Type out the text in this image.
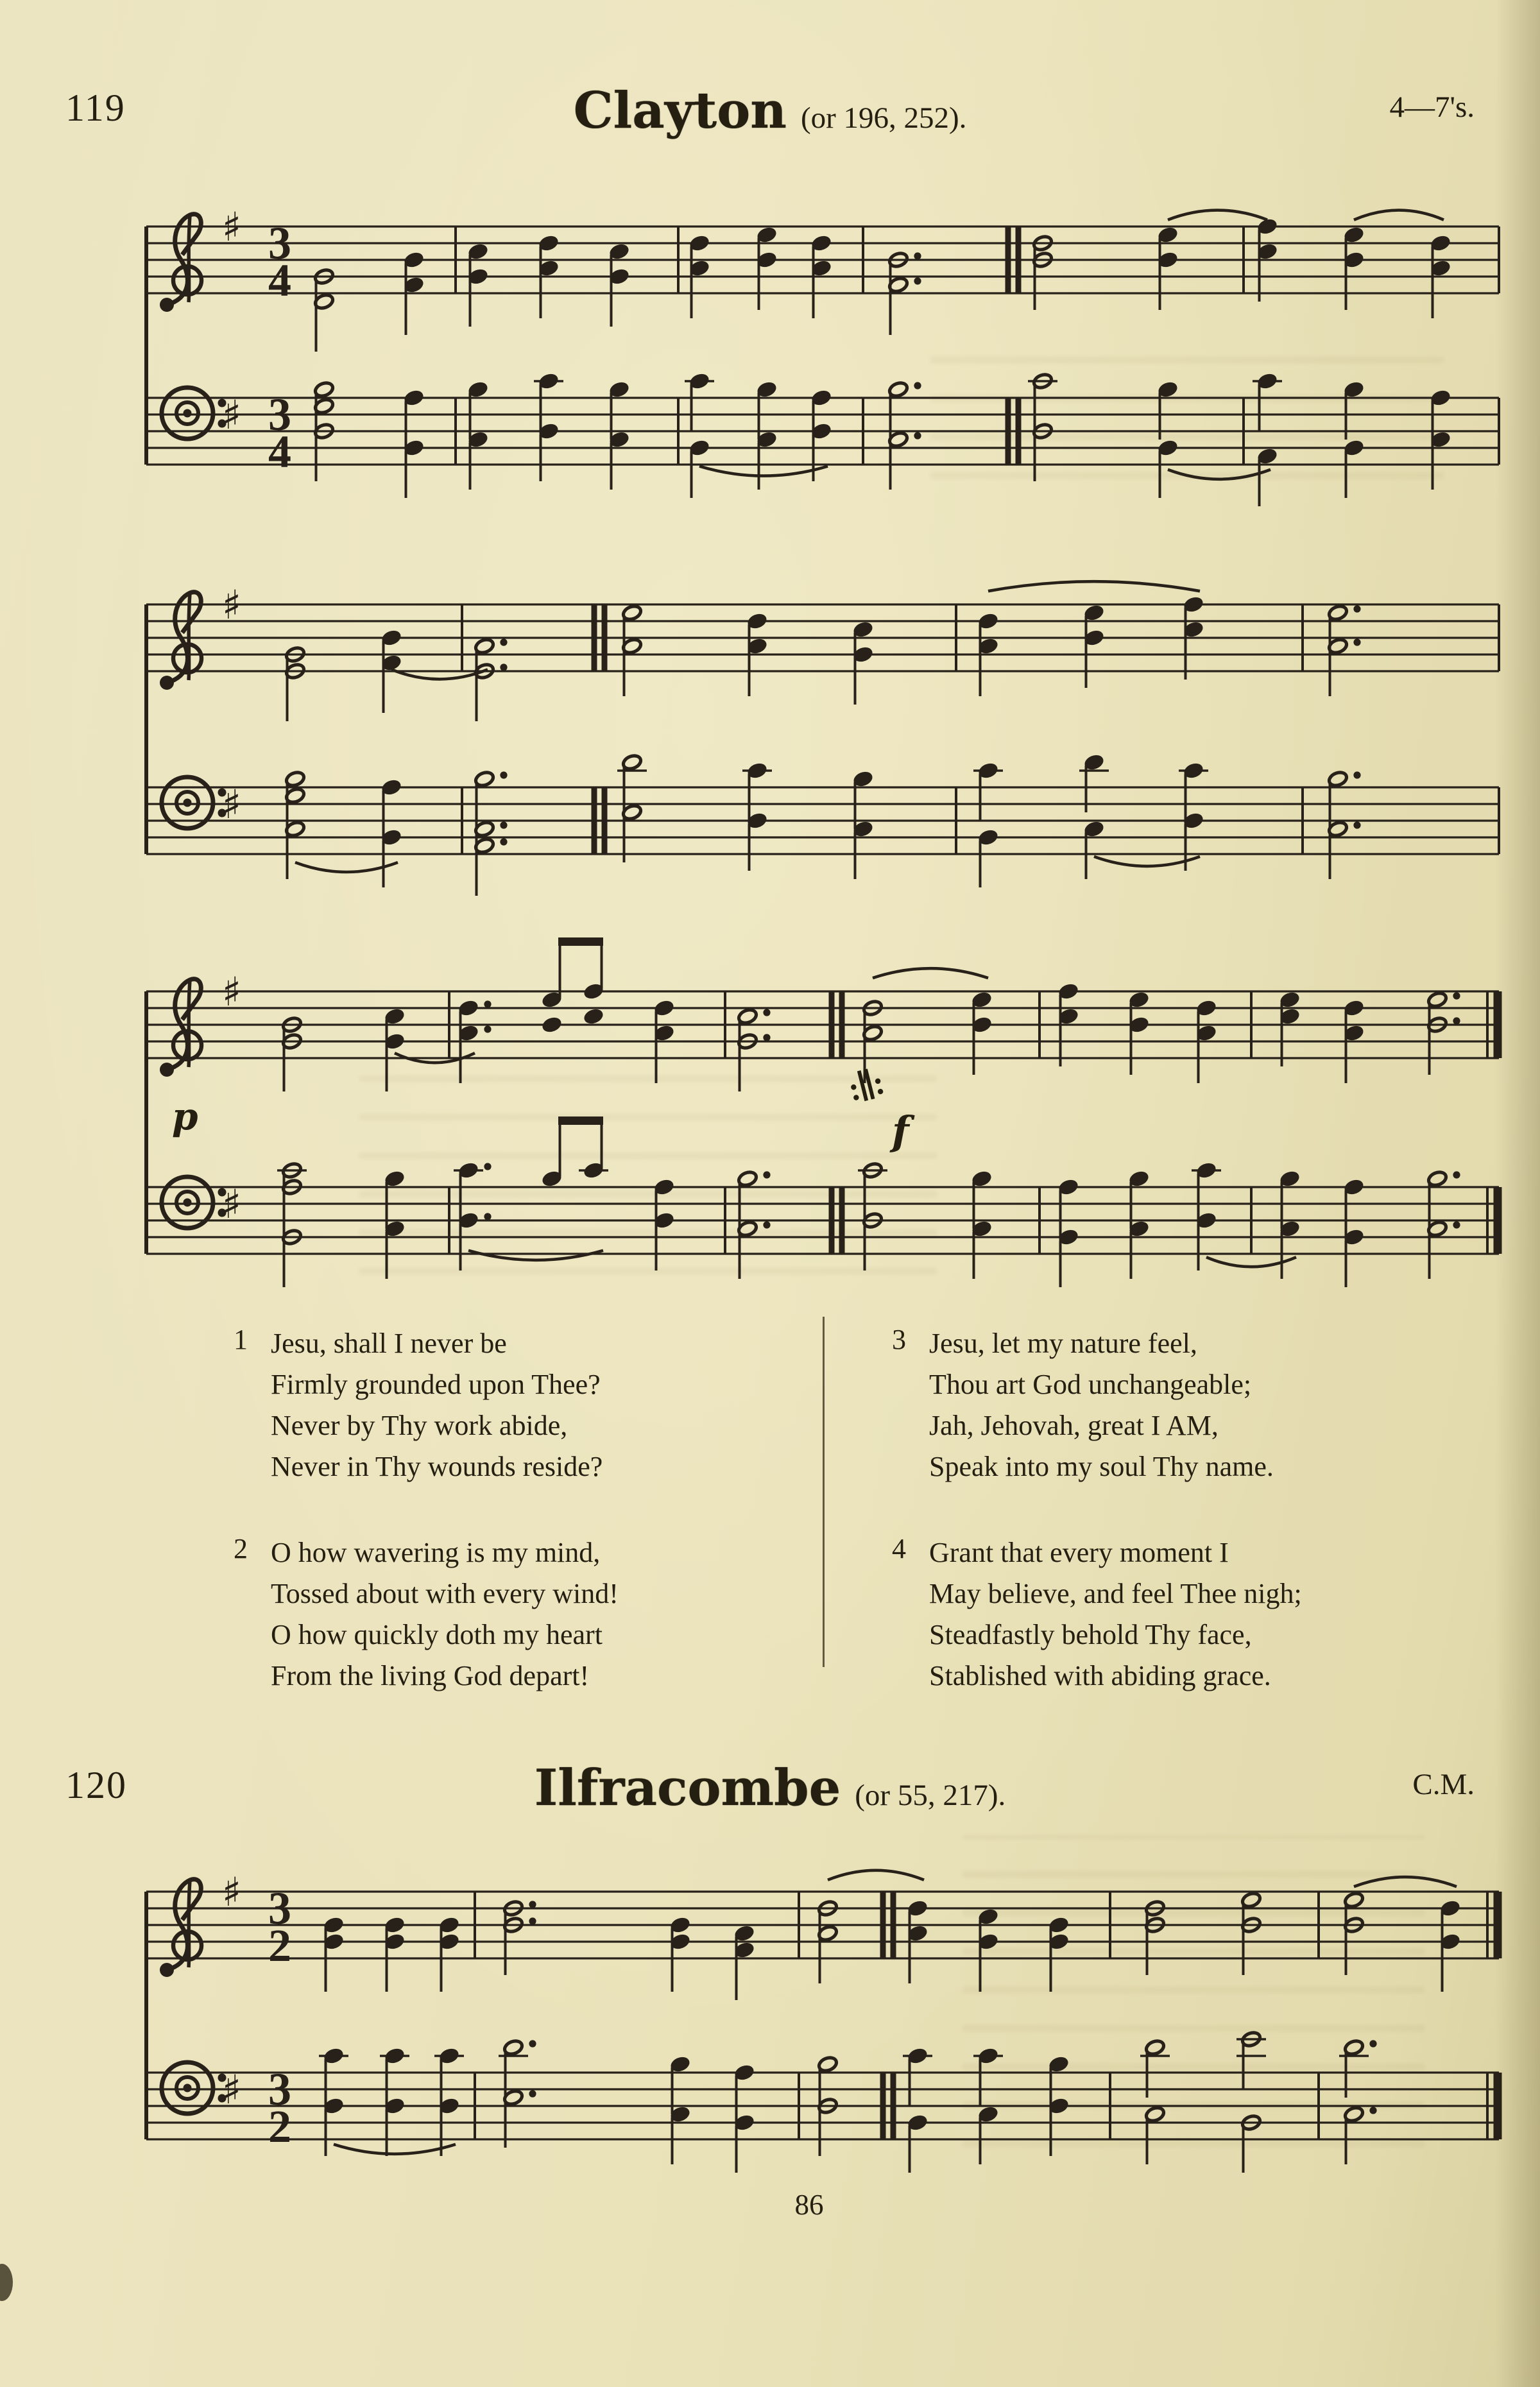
119	Clayton (or 196, 252).	4—7's.
♯
♯
3
4
3
4
♯
♯
♯
♯
♯
♯
3
2
3
2
p	f
:∥:
1 Jesu, shall I never be

Firmly grounded upon Thee?

Never by Thy work abide,

Never in Thy wounds reside?

2 O how wavering is my mind,

Tossed about with every wind!

O how quickly doth my heart

From the living God depart!

3 Jesu, let my nature feel,

Thou art God unchangeable;

Jah, Jehovah, great I AM,

Speak into my soul Thy name.

4 Grant that every moment I

May believe, and feel Thee nigh;

Steadfastly behold Thy face,

Stablished with abiding grace.

120	Ilfracombe (or 55, 217).	C.M.
86
